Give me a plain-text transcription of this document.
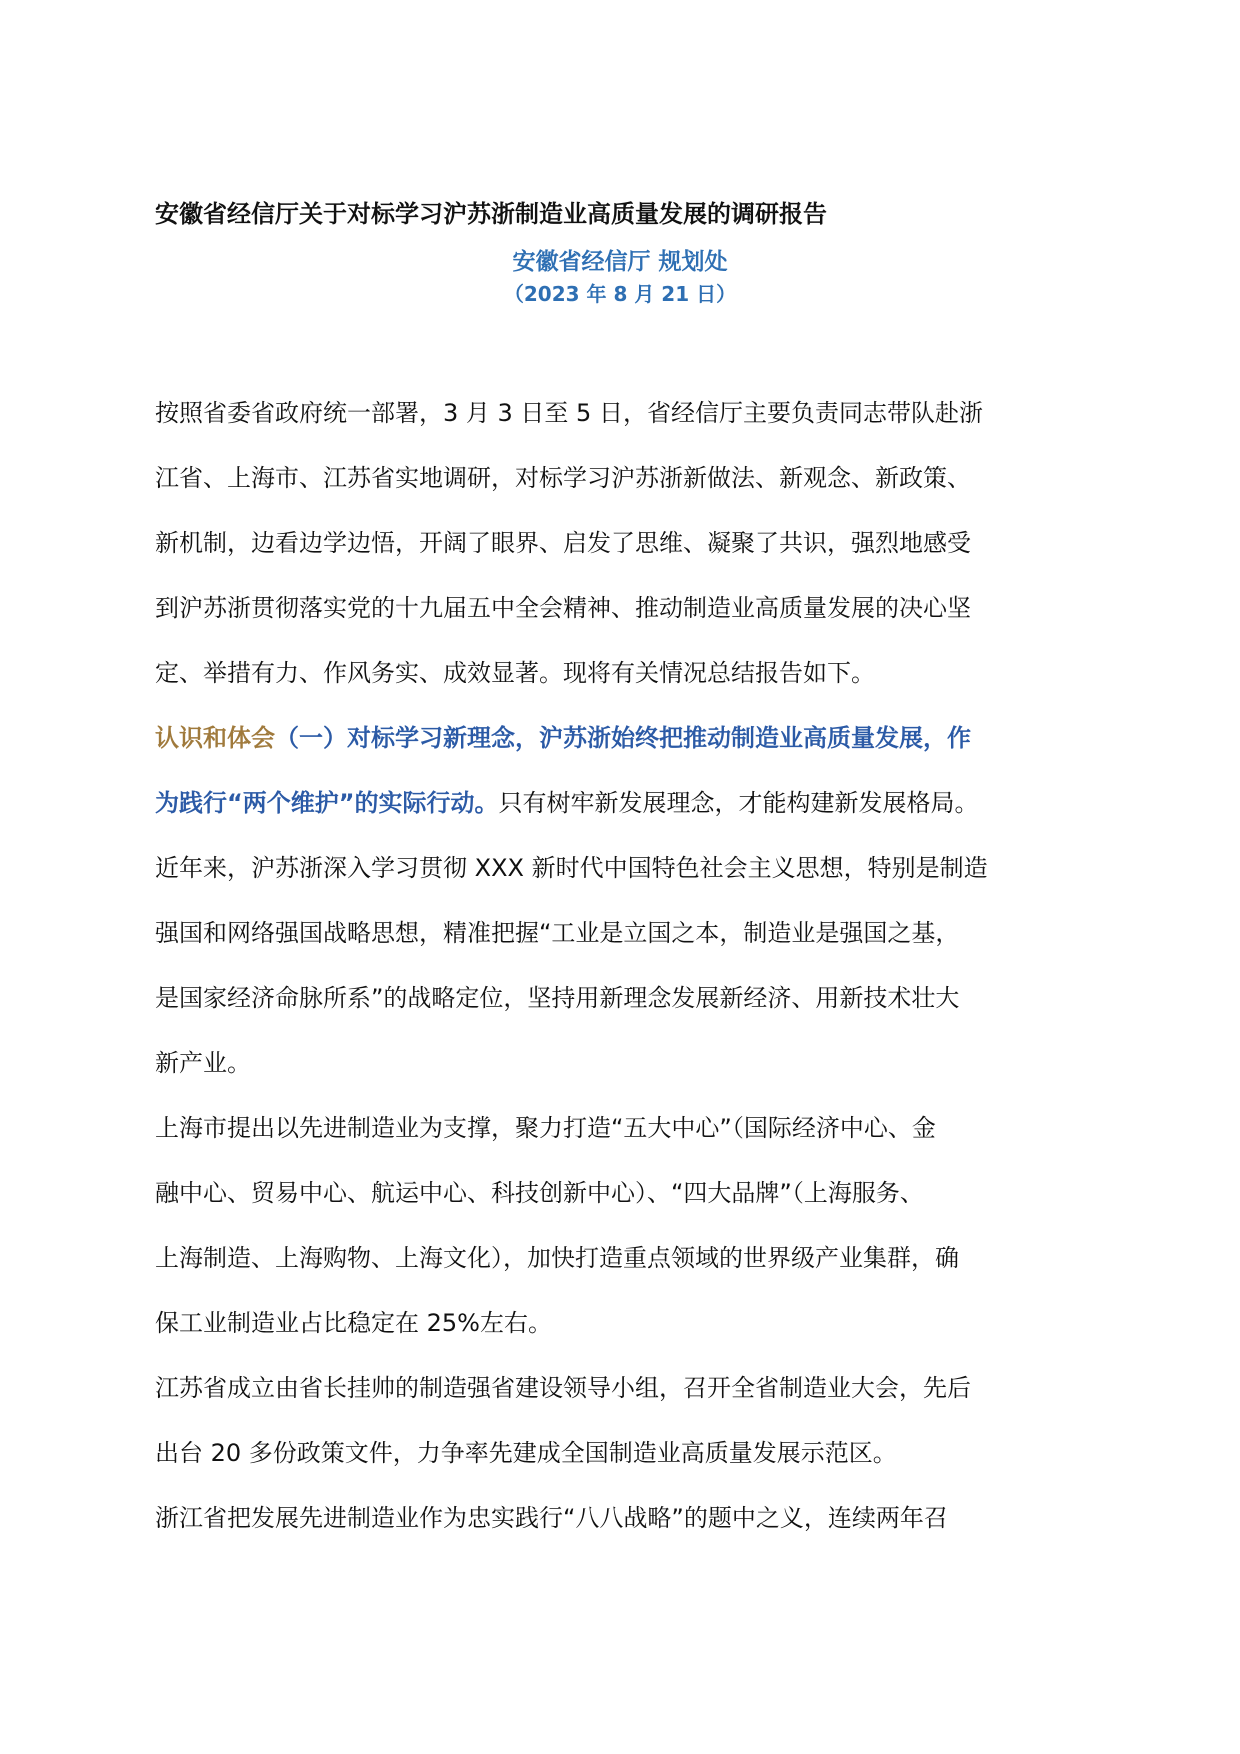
安徽省经信厅关于对标学习沪苏浙制造业高质量发展的调研报告
安徽省经信厅 规划处
（2023 年 8 月 21 日）

按照省委省政府统一部署，3 月 3 日至 5 日，省经信厅主要负责同志带队赴浙
江省、上海市、江苏省实地调研，对标学习沪苏浙新做法、新观念、新政策、
新机制，边看边学边悟，开阔了眼界、启发了思维、凝聚了共识，强烈地感受
到沪苏浙贯彻落实党的十九届五中全会精神、推动制造业高质量发展的决心坚
定、举措有力、作风务实、成效显著。现将有关情况总结报告如下。

认识和体会（一）对标学习新理念，沪苏浙始终把推动制造业高质量发展，作
为践行“两个维护”的实际行动。只有树牢新发展理念，才能构建新发展格局。
近年来，沪苏浙深入学习贯彻 XXX 新时代中国特色社会主义思想，特别是制造
强国和网络强国战略思想，精准把握“工业是立国之本，制造业是强国之基，
是国家经济命脉所系”的战略定位，坚持用新理念发展新经济、用新技术壮大
新产业。

上海市提出以先进制造业为支撑，聚力打造“五大中心”（国际经济中心、金
融中心、贸易中心、航运中心、科技创新中心）、“四大品牌”（上海服务、
上海制造、上海购物、上海文化），加快打造重点领域的世界级产业集群，确
保工业制造业占比稳定在 25%左右。

江苏省成立由省长挂帅的制造强省建设领导小组，召开全省制造业大会，先后
出台 20 多份政策文件，力争率先建成全国制造业高质量发展示范区。

浙江省把发展先进制造业作为忠实践行“八八战略”的题中之义，连续两年召
